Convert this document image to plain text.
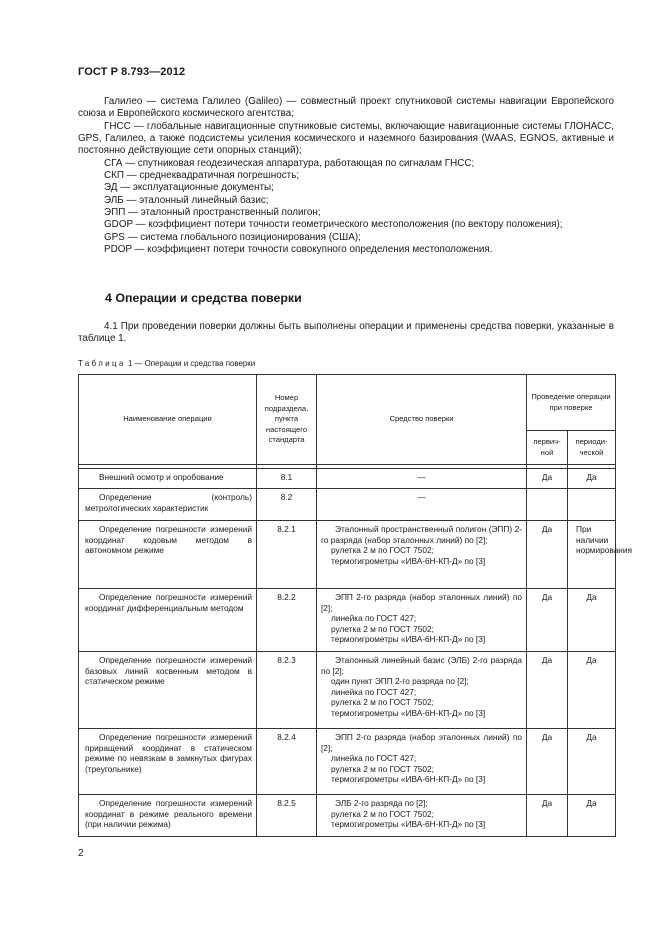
ГОСТ Р 8.793—2012

Галилео — система Галилео (Galileo) — совместный проект спутниковой системы навигации Европейского союза и Европейского космического агентства;

ГНСС — глобальные навигационные спутниковые системы, включающие навигационные системы ГЛОНАСС, GPS, Галилео, а также подсистемы усиления космического и наземного базирования (WAAS, EGNOS, активные и постоянно действующие сети опорных станций);

СГА — спутниковая геодезическая аппаратура, работающая по сигналам ГНСС;

СКП — среднеквадратичная погрешность;

ЭД — эксплуатационные документы;

ЭЛБ — эталонный линейный базис;

ЭПП — эталонный пространственный полигон;

GDOP — коэффициент потери точности геометрического местоположения (по вектору положения);

GPS — система глобального позиционирования (США);

PDOP — коэффициент потери точности совокупного определения местоположения.

4 Операции и средства поверки

4.1 При проведении поверки должны быть выполнены операции и применены средства поверки, указанные в таблице 1.

Таблица 1 — Операции и средства поверки
Наименование операции	Номер подраздела, пункта настоящего стандарта	Средство поверки	Проведение операции при поверке	
			первич- ной	периоди- ческой

Внешний осмотр и опробование	8.1	—	Да	Да

Определение (контроль) метрологических характеристик	8.2	—		

Определение погрешности измерений координат кодовым методом в автономном режиме	8.2.1	Эталонный пространственный полигон (ЭПП) 2-го разряда (набор эталонных линий) по [2];
рулетка 2 м по ГОСТ 7502;
термогигрометры «ИВА-6Н-КП-Д» по [3]	Да	При наличии нормирования

Определение погрешности измерений координат дифференциальным методом	8.2.2	ЭПП 2-го разряда (набор эталонных линий) по [2];
линейка по ГОСТ 427;
рулетка 2 м по ГОСТ 7502;
термогигрометры «ИВА-6Н-КП-Д» по [3]	Да	Да

Определение погрешности измерений базовых линий косвенным методом в статическом режиме	8.2.3	Эталонный линейный базис (ЭЛБ) 2-го разряда по [2];
один пункт ЭПП 2-го разряда по [2];
линейка по ГОСТ 427;
рулетка 2 м по ГОСТ 7502;
термогигрометры «ИВА-6Н-КП-Д» по [3]	Да	Да

Определение погрешности измерений приращений координат в статическом режиме по невязкам в замкнутых фигурах (треугольнике)	8.2.4	ЭПП 2-го разряда (набор эталонных линий) по [2];
линейка по ГОСТ 427;
рулетка 2 м по ГОСТ 7502;
термогигрометры «ИВА-6Н-КП-Д» по [3]	Да	Да

Определение погрешности измерений координат в режиме реального времени (при наличии режима)	8.2.5	ЭЛБ 2-го разряда по [2];
рулетка 2 м по ГОСТ 7502;
термогигрометры «ИВА-6Н-КП-Д» по [3]	Да	Да
2
